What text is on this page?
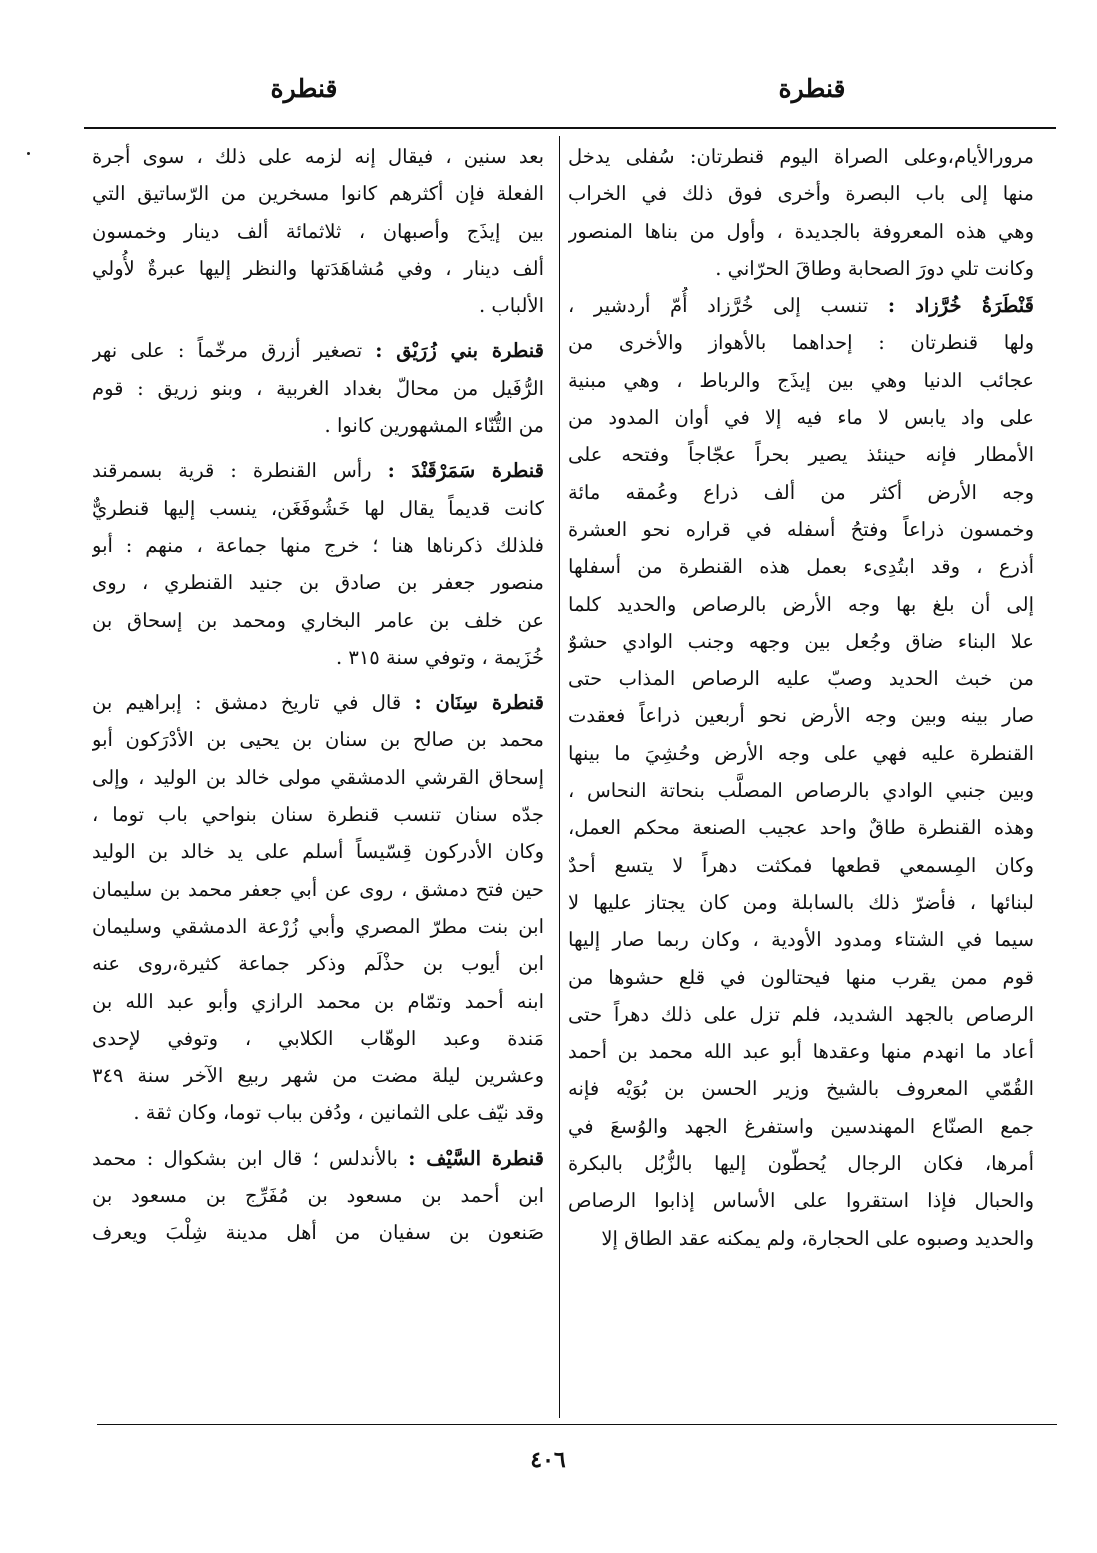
قنطرة
قنطرة
مرورالأيام،وعلى الصراة اليوم قنطرتان: سُفلى يدخل
منها إلى باب البصرة وأخرى فوق ذلك في الخراب
وهي هذه المعروفة بالجديدة ، وأول من بناها المنصور
وكانت تلي دورَ الصحابة وطاقَ الحرّاني .
قَنْطَرَةُ خُرَّزاد : تنسب إلى خُرَّزاد أُمّ أردشير ،
ولها قنطرتان : إحداهما بالأهواز والأخرى من
عجائب الدنيا وهي بين إيذَج والرباط ، وهي مبنية
على واد يابس لا ماء فيه إلا في أوان المدود من
الأمطار فإنه حينئذ يصير بحراً عجّاجاً وفتحه على
وجه الأرض أكثر من ألف ذراع وعُمقه مائة
وخمسون ذراعاً وفتحُ أسفله في قراره نحو العشرة
أذرع ، وقد ابتُدِىء بعمل هذه القنطرة من أسفلها
إلى أن بلغ بها وجه الأرض بالرصاص والحديد كلما
علا البناء ضاق وجُعل بين وجهه وجنب الوادي حشوٌ
من خبث الحديد وصبّ عليه الرصاص المذاب حتى
صار بينه وبين وجه الأرض نحو أربعين ذراعاً فعقدت
القنطرة عليه فهي على وجه الأرض وحُشِيَ ما بينها
وبين جنبي الوادي بالرصاص المصلَّب بنحاتة النحاس ،
وهذه القنطرة طاقٌ واحد عجيب الصنعة محكم العمل،
وكان المِسمعي قطعها فمكثت دهراً لا يتسع أحدٌ
لبنائها ، فأضرّ ذلك بالسابلة ومن كان يجتاز عليها لا
سيما في الشتاء ومدود الأودية ، وكان ربما صار إليها
قوم ممن يقرب منها فيحتالون في قلع حشوها من
الرصاص بالجهد الشديد، فلم تزل على ذلك دهراً حتى
أعاد ما انهدم منها وعقدها أبو عبد الله محمد بن أحمد
القُمّي المعروف بالشيخ وزير الحسن بن بُوَيْه فإنه
جمع الصنّاع المهندسين واستفرغ الجهد والوُسعَ في
أمرها، فكان الرجال يُحطّون إليها بالزُّبُل بالبكرة
والحبال فإذا استقروا على الأساس إذابوا الرصاص
والحديد وصبوه على الحجارة، ولم يمكنه عقد الطاق إلا
بعد سنين ، فيقال إنه لزمه على ذلك ، سوى أجرة
الفعلة فإن أكثرهم كانوا مسخرين من الرّساتيق التي
بين إيذَج وأصبهان ، ثلاثمائة ألف دينار وخمسون
ألف دينار ، وفي مُشاهَدَتها والنظر إليها عبرةٌ لأُولي
الألباب .
قنطرة بني زُرَيْق : تصغير أزرق مرخّماً : على نهر
الرُّفَيل من محالّ بغداد الغربية ، وبنو زريق : قوم
من التُّنّاء المشهورين كانوا .
قنطرة سَمَرْقَنْدَ : رأس القنطرة : قرية بسمرقند
كانت قديماً يقال لها خَشُوفَغَن، ينسب إليها قنطريٌّ
فلذلك ذكرناها هنا ؛ خرج منها جماعة ، منهم : أبو
منصور جعفر بن صادق بن جنيد القنطري ، روى
عن خلف بن عامر البخاري ومحمد بن إسحاق بن
خُزَيمة ، وتوفي سنة ٣١٥ .
قنطرة سِنَان : قال في تاريخ دمشق : إبراهيم بن
محمد بن صالح بن سنان بن يحيى بن الأدْرَكون أبو
إسحاق القرشي الدمشقي مولى خالد بن الوليد ، وإلى
جدّه سنان تنسب قنطرة سنان بنواحي باب توما ،
وكان الأدركون قِسّيساً أسلم على يد خالد بن الوليد
حين فتح دمشق ، روى عن أبي جعفر محمد بن سليمان
ابن بنت مطرّ المصري وأبي زُرْعة الدمشقي وسليمان
ابن أيوب بن حذْلَم وذكر جماعة كثيرة،روى عنه
ابنه أحمد وتمّام بن محمد الرازي وأبو عبد الله بن
مَندة وعبد الوهّاب الكلابي ، وتوفي لإحدى
وعشرين ليلة مضت من شهر ربيع الآخر سنة ٣٤٩
وقد نيّف على الثمانين ، ودُفن بباب توما، وكان ثقة .
قنطرة السَّيْف : بالأندلس ؛ قال ابن بشكوال : محمد
ابن أحمد بن مسعود بن مُفَرِّج بن مسعود بن
صَنعون بن سفيان من أهل مدينة شِلْبَ ويعرف
٤٠٦
